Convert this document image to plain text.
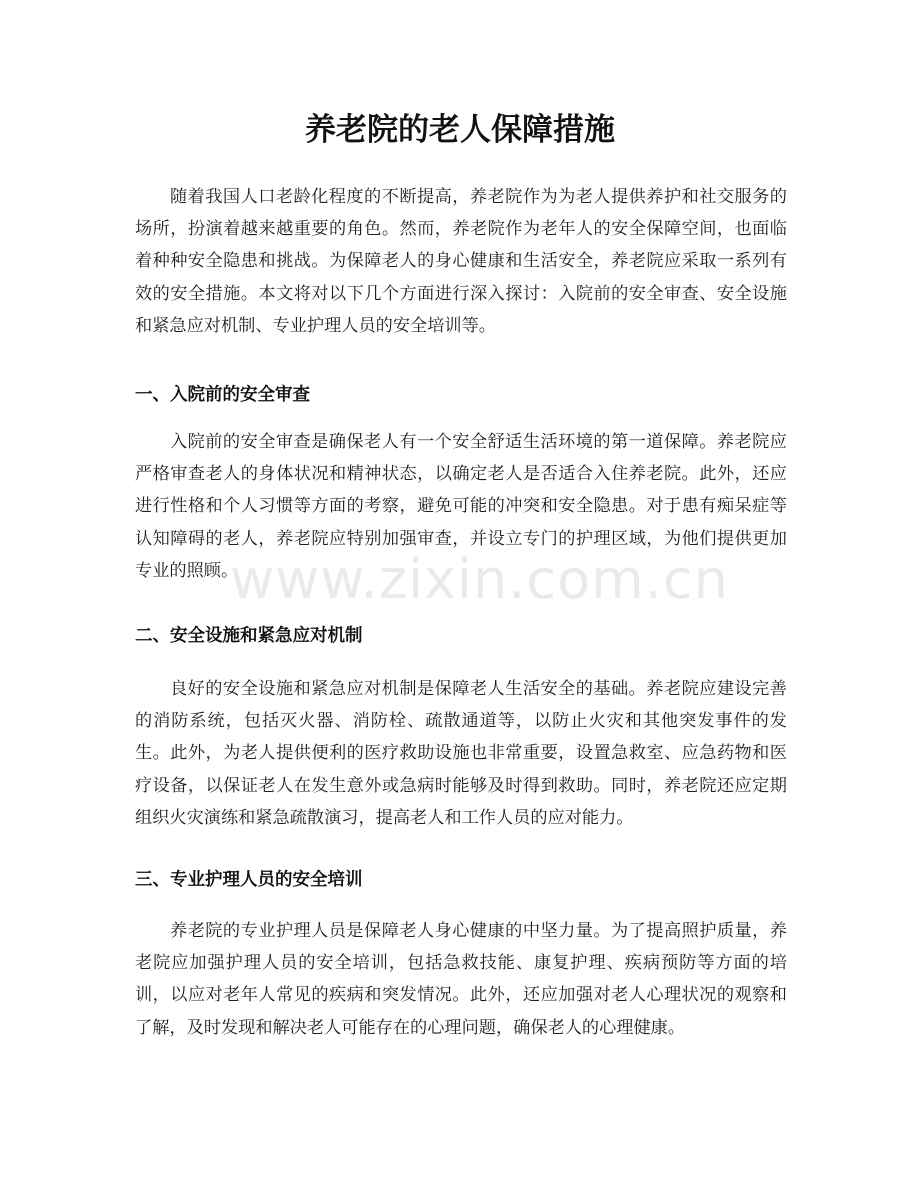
养老院的老人保障措施

随着我国人口老龄化程度的不断提高，养老院作为为老人提供养护和社交服务的场所，扮演着越来越重要的角色。然而，养老院作为老年人的安全保障空间，也面临着种种安全隐患和挑战。为保障老人的身心健康和生活安全，养老院应采取一系列有效的安全措施。本文将对以下几个方面进行深入探讨：入院前的安全审查、安全设施和紧急应对机制、专业护理人员的安全培训等。

一、入院前的安全审查

入院前的安全审查是确保老人有一个安全舒适生活环境的第一道保障。养老院应严格审查老人的身体状况和精神状态，以确定老人是否适合入住养老院。此外，还应进行性格和个人习惯等方面的考察，避免可能的冲突和安全隐患。对于患有痴呆症等认知障碍的老人，养老院应特别加强审查，并设立专门的护理区域，为他们提供更加专业的照顾。

二、安全设施和紧急应对机制

良好的安全设施和紧急应对机制是保障老人生活安全的基础。养老院应建设完善的消防系统，包括灭火器、消防栓、疏散通道等，以防止火灾和其他突发事件的发生。此外，为老人提供便利的医疗救助设施也非常重要，设置急救室、应急药物和医疗设备，以保证老人在发生意外或急病时能够及时得到救助。同时，养老院还应定期组织火灾演练和紧急疏散演习，提高老人和工作人员的应对能力。

三、专业护理人员的安全培训

养老院的专业护理人员是保障老人身心健康的中坚力量。为了提高照护质量，养老院应加强护理人员的安全培训，包括急救技能、康复护理、疾病预防等方面的培训，以应对老年人常见的疾病和突发情况。此外，还应加强对老人心理状况的观察和了解，及时发现和解决老人可能存在的心理问题，确保老人的心理健康。

www.zixin.com.cn
